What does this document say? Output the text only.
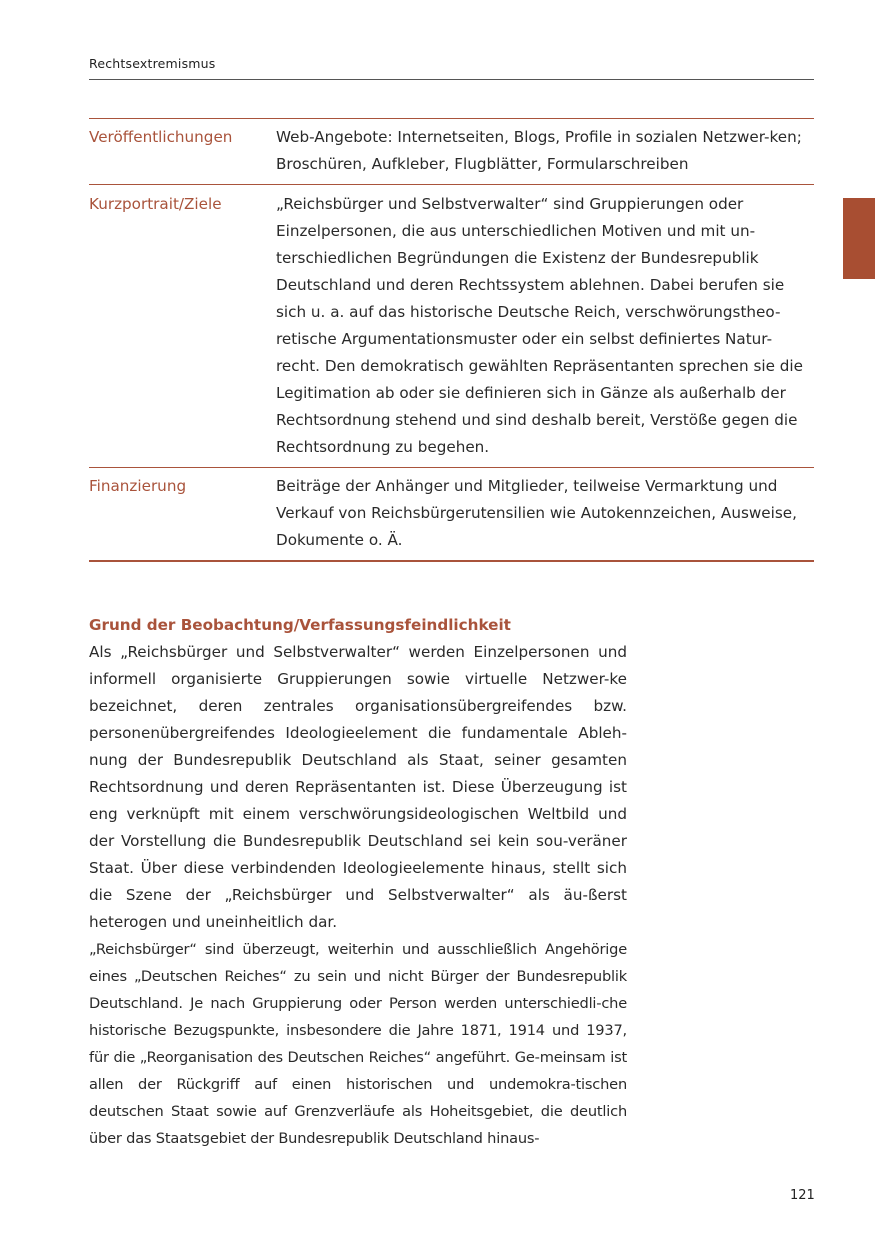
Rechtsextremismus
Veröffentlichungen	Web-Angebote: Internetseiten, Blogs, Profile in sozialen Netzwer-ken; Broschüren, Aufkleber, Flugblätter, Formularschreiben
Kurzportrait/Ziele	„Reichsbürger und Selbstverwalter“ sind Gruppierungen oder Einzelpersonen, die aus unterschiedlichen Motiven und mit un-terschiedlichen Begründungen die Existenz der Bundesrepublik Deutschland und deren Rechtssystem ablehnen. Dabei berufen sie sich u. a. auf das historische Deutsche Reich, verschwörungstheo-retische Argumentationsmuster oder ein selbst definiertes Natur-recht. Den demokratisch gewählten Repräsentanten sprechen sie die Legitimation ab oder sie definieren sich in Gänze als außerhalb der Rechtsordnung stehend und sind deshalb bereit, Verstöße gegen die Rechtsordnung zu begehen.
Finanzierung	Beiträge der Anhänger und Mitglieder, teilweise Vermarktung und Verkauf von Reichsbürgerutensilien wie Autokennzeichen, Ausweise, Dokumente o. Ä.
Grund der Beobachtung/Verfassungsfeindlichkeit

Als „Reichsbürger und Selbstverwalter“ werden Einzelpersonen und informell organisierte Gruppierungen sowie virtuelle Netzwer-ke bezeichnet, deren zentrales organisationsübergreifendes bzw. personenübergreifendes Ideologieelement die fundamentale Ableh-nung der Bundesrepublik Deutschland als Staat, seiner gesamten Rechtsordnung und deren Repräsentanten ist. Diese Überzeugung ist eng verknüpft mit einem verschwörungsideologischen Weltbild und der Vorstellung die Bundesrepublik Deutschland sei kein sou-veräner Staat. Über diese verbindenden Ideologieelemente hinaus, stellt sich die Szene der „Reichsbürger und Selbstverwalter“ als äu-ßerst heterogen und uneinheitlich dar.

„Reichsbürger“ sind überzeugt, weiterhin und ausschließlich Angehörige eines „Deutschen Reiches“ zu sein und nicht Bürger der Bundesrepublik Deutschland. Je nach Gruppierung oder Person werden unterschiedli-che historische Bezugspunkte, insbesondere die Jahre 1871, 1914 und 1937, für die „Reorganisation des Deutschen Reiches“ angeführt. Ge-meinsam ist allen der Rückgriff auf einen historischen und undemokra-tischen deutschen Staat sowie auf Grenzverläufe als Hoheitsgebiet, die deutlich über das Staatsgebiet der Bundesrepublik Deutschland hinaus-

121
